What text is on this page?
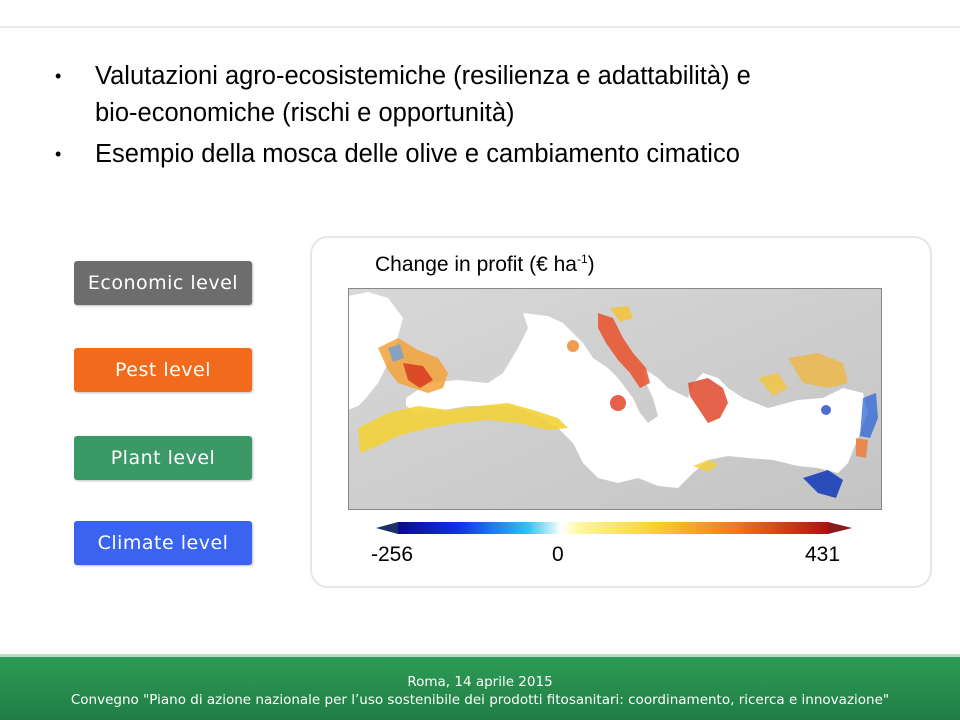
• Valutazioni agro-ecosistemiche (resilienza e adattabilità) e
bio-economiche (rischi e opportunità)
• Esempio della mosca delle olive e cambiamento cimatico
Economic level
Pest level
Plant level
Climate level
Change in profit (€ $ha^{-1}$)
-256	0	431
Roma, 14 aprile 2015
Convegno "Piano di azione nazionale per l’uso sostenibile dei prodotti fitosanitari: coordinamento, ricerca e innovazione"
